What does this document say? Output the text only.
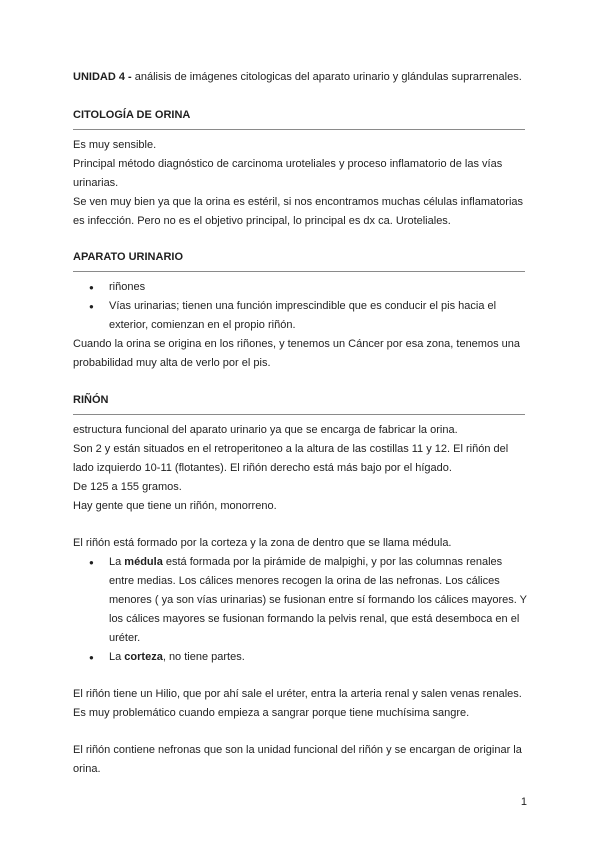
UNIDAD 4 - análisis de imágenes citologicas del aparato urinario y glándulas suprarrenales.

CITOLOGÍA DE ORINA

Es muy sensible.

Principal método diagnóstico de carcinoma uroteliales y proceso inflamatorio de las vías urinarias.

Se ven muy bien ya que la orina es estéril, si nos encontramos muchas células inflamatorias es infección. Pero no es el objetivo principal, lo principal es dx ca. Uroteliales.

APARATO URINARIO
● riñones
● Vías urinarias; tienen una función imprescindible que es conducir el pis hacia el exterior, comienzan en el propio riñón.

Cuando la orina se origina en los riñones, y tenemos un Cáncer por esa zona, tenemos una probabilidad muy alta de verlo por el pis.

RIÑÓN

estructura funcional del aparato urinario ya que se encarga de fabricar la orina.

Son 2 y están situados en el retroperitoneo a la altura de las costillas 11 y 12. El riñón del lado izquierdo 10-11 (flotantes). El riñón derecho está más bajo por el hígado.

De 125 a 155 gramos.

Hay gente que tiene un riñón, monorreno.

El riñón está formado por la corteza y la zona de dentro que se llama médula.

● La médula está formada por la pirámide de malpighi, y por las columnas renales entre medias. Los cálices menores recogen la orina de las nefronas. Los cálices menores ( ya son vías urinarias) se fusionan entre sí formando los cálices mayores. Y los cálices mayores se fusionan formando la pelvis renal, que está desemboca en el uréter.
● La corteza, no tiene partes.

El riñón tiene un Hilio, que por ahí sale el uréter, entra la arteria renal y salen venas renales. Es muy problemático cuando empieza a sangrar porque tiene muchísima sangre.

El riñón contiene nefronas que son la unidad funcional del riñón y se encargan de originar la orina.

1
